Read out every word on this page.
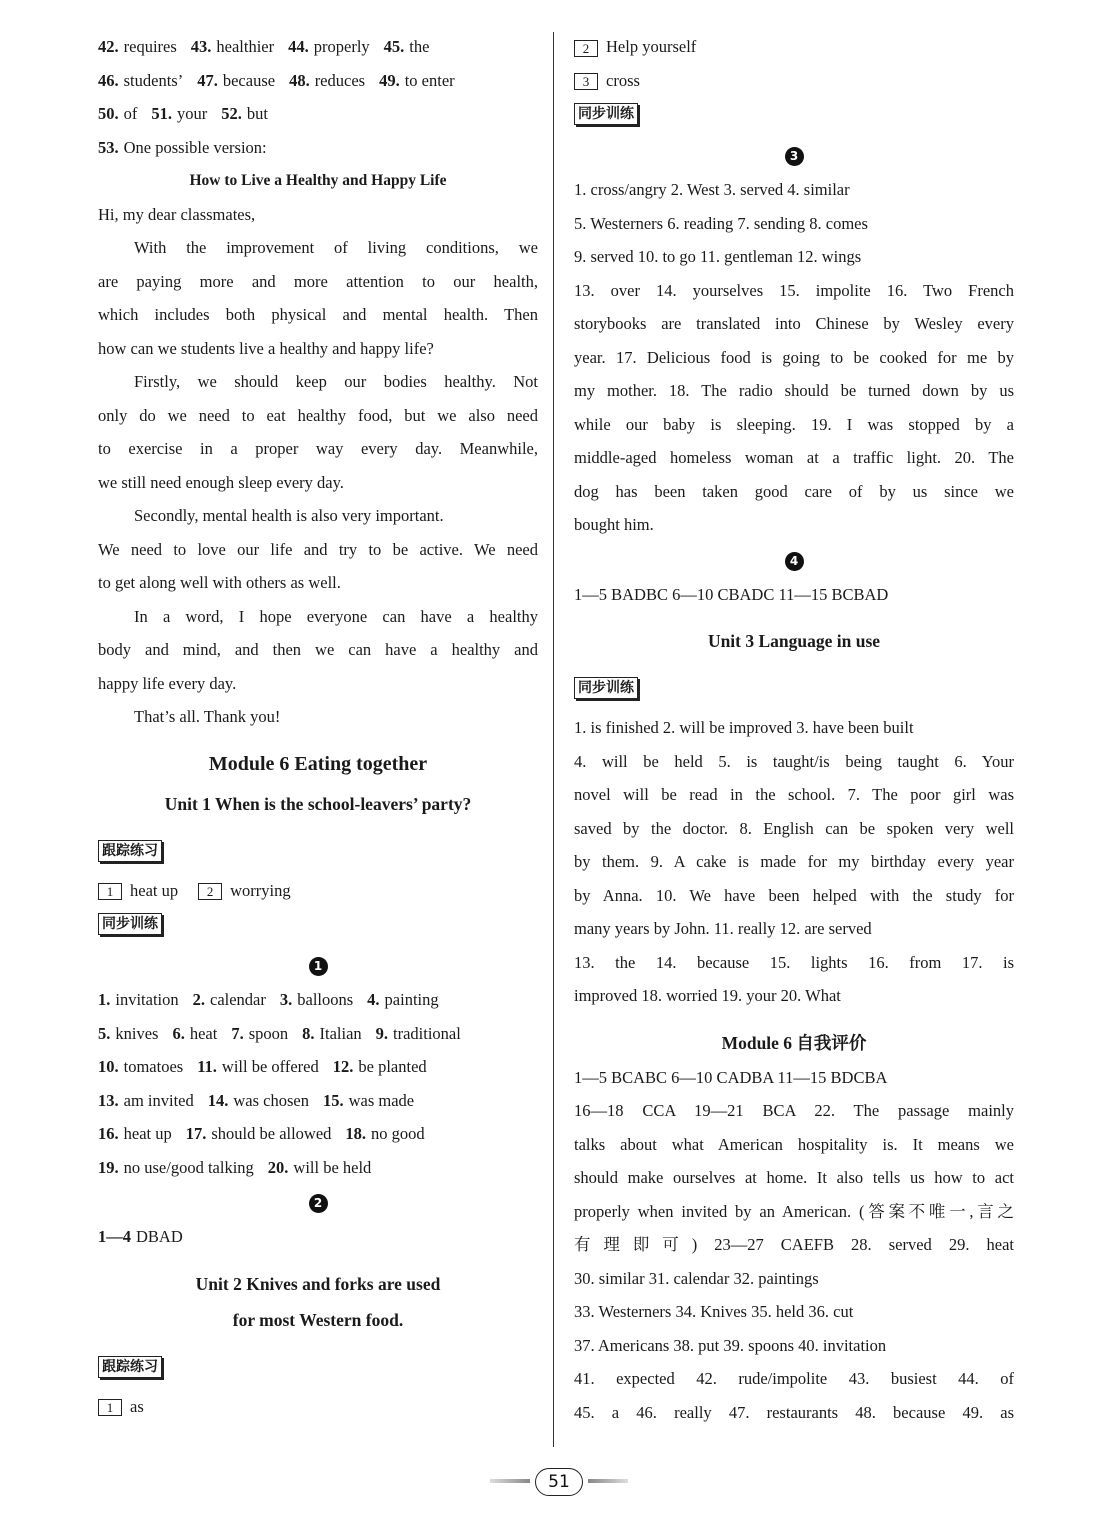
42. requires 43. healthier 44. properly 45. the
46. students’ 47. because 48. reduces 49. to enter
50. of 51. your 52. but
53. One possible version:
How to Live a Healthy and Happy Life
Hi, my dear classmates,
With the improvement of living conditions, we
are paying more and more attention to our health,
which includes both physical and mental health. Then
how can we students live a healthy and happy life?
Firstly, we should keep our bodies healthy. Not
only do we need to eat healthy food, but we also need
to exercise in a proper way every day. Meanwhile,
we still need enough sleep every day.
Secondly, mental health is also very important.
We need to love our life and try to be active. We need
to get along well with others as well.
In a word, I hope everyone can have a healthy
body and mind, and then we can have a healthy and
happy life every day.
That’s all. Thank you!
Module 6 Eating together
Unit 1 When is the school-leavers’ party?
跟踪练习
1 heat up 2 worrying
同步训练
1
1. invitation 2. calendar 3. balloons 4. painting
5. knives 6. heat 7. spoon 8. Italian 9. traditional
10. tomatoes 11. will be offered 12. be planted
13. am invited 14. was chosen 15. was made
16. heat up 17. should be allowed 18. no good
19. no use/good talking 20. will be held
2
1—4 DBAD
Unit 2 Knives and forks are used
for most Western food.
跟踪练习
1 as
2 Help yourself
3 cross
同步训练
3
1. cross/angry 2. West 3. served 4. similar
5. Westerners 6. reading 7. sending 8. comes
9. served 10. to go 11. gentleman 12. wings
13. over 14. yourselves 15. impolite 16. Two French
storybooks are translated into Chinese by Wesley every
year. 17. Delicious food is going to be cooked for me by
my mother. 18. The radio should be turned down by us
while our baby is sleeping. 19. I was stopped by a
middle-aged homeless woman at a traffic light. 20. The
dog has been taken good care of by us since we
bought him.
4
1—5 BADBC 6—10 CBADC 11—15 BCBAD
Unit 3 Language in use
同步训练
1. is finished 2. will be improved 3. have been built
4. will be held 5. is taught/is being taught 6. Your
novel will be read in the school. 7. The poor girl was
saved by the doctor. 8. English can be spoken very well
by them. 9. A cake is made for my birthday every year
by Anna. 10. We have been helped with the study for
many years by John. 11. really 12. are served
13. the 14. because 15. lights 16. from 17. is
improved 18. worried 19. your 20. What
Module 6 自我评价
1—5 BCABC 6—10 CADBA 11—15 BDCBA
16—18 CCA 19—21 BCA 22. The passage mainly
talks about what American hospitality is. It means we
should make ourselves at home. It also tells us how to act
properly when invited by an American. (答案不唯一,言之
有理即可) 23—27 CAEFB 28. served 29. heat
30. similar 31. calendar 32. paintings
33. Westerners 34. Knives 35. held 36. cut
37. Americans 38. put 39. spoons 40. invitation
41. expected 42. rude/impolite 43. busiest 44. of
45. a 46. really 47. restaurants 48. because 49. as
51
